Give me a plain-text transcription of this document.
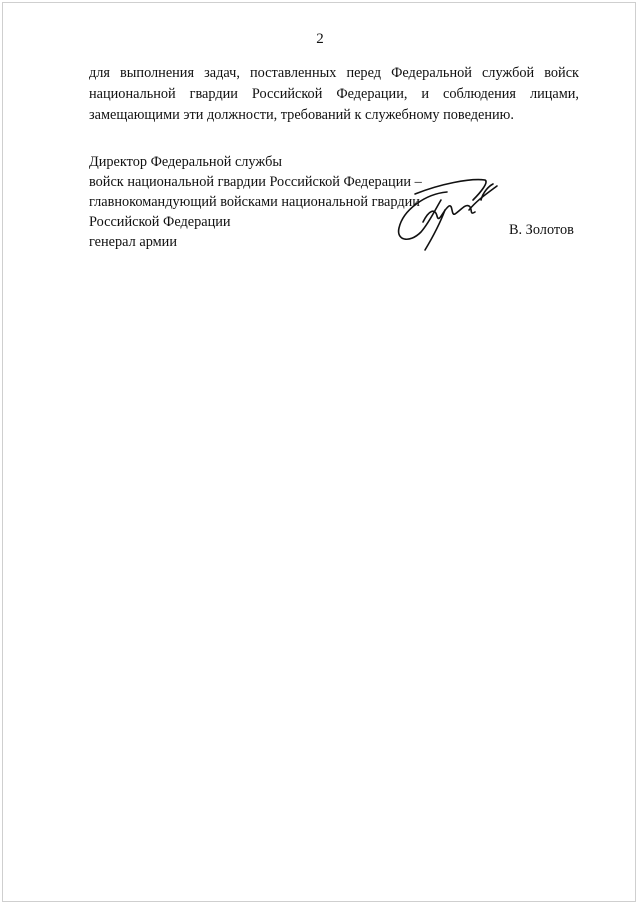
2
для выполнения задач, поставленных перед Федеральной службой войск национальной гвардии Российской Федерации, и соблюдения лицами, замещающими эти должности, требований к служебному поведению.
Директор Федеральной службы
войск национальной гвардии Российской Федерации –
главнокомандующий войсками национальной гвардии
Российской Федерации
генерал армии
В. Золотов
